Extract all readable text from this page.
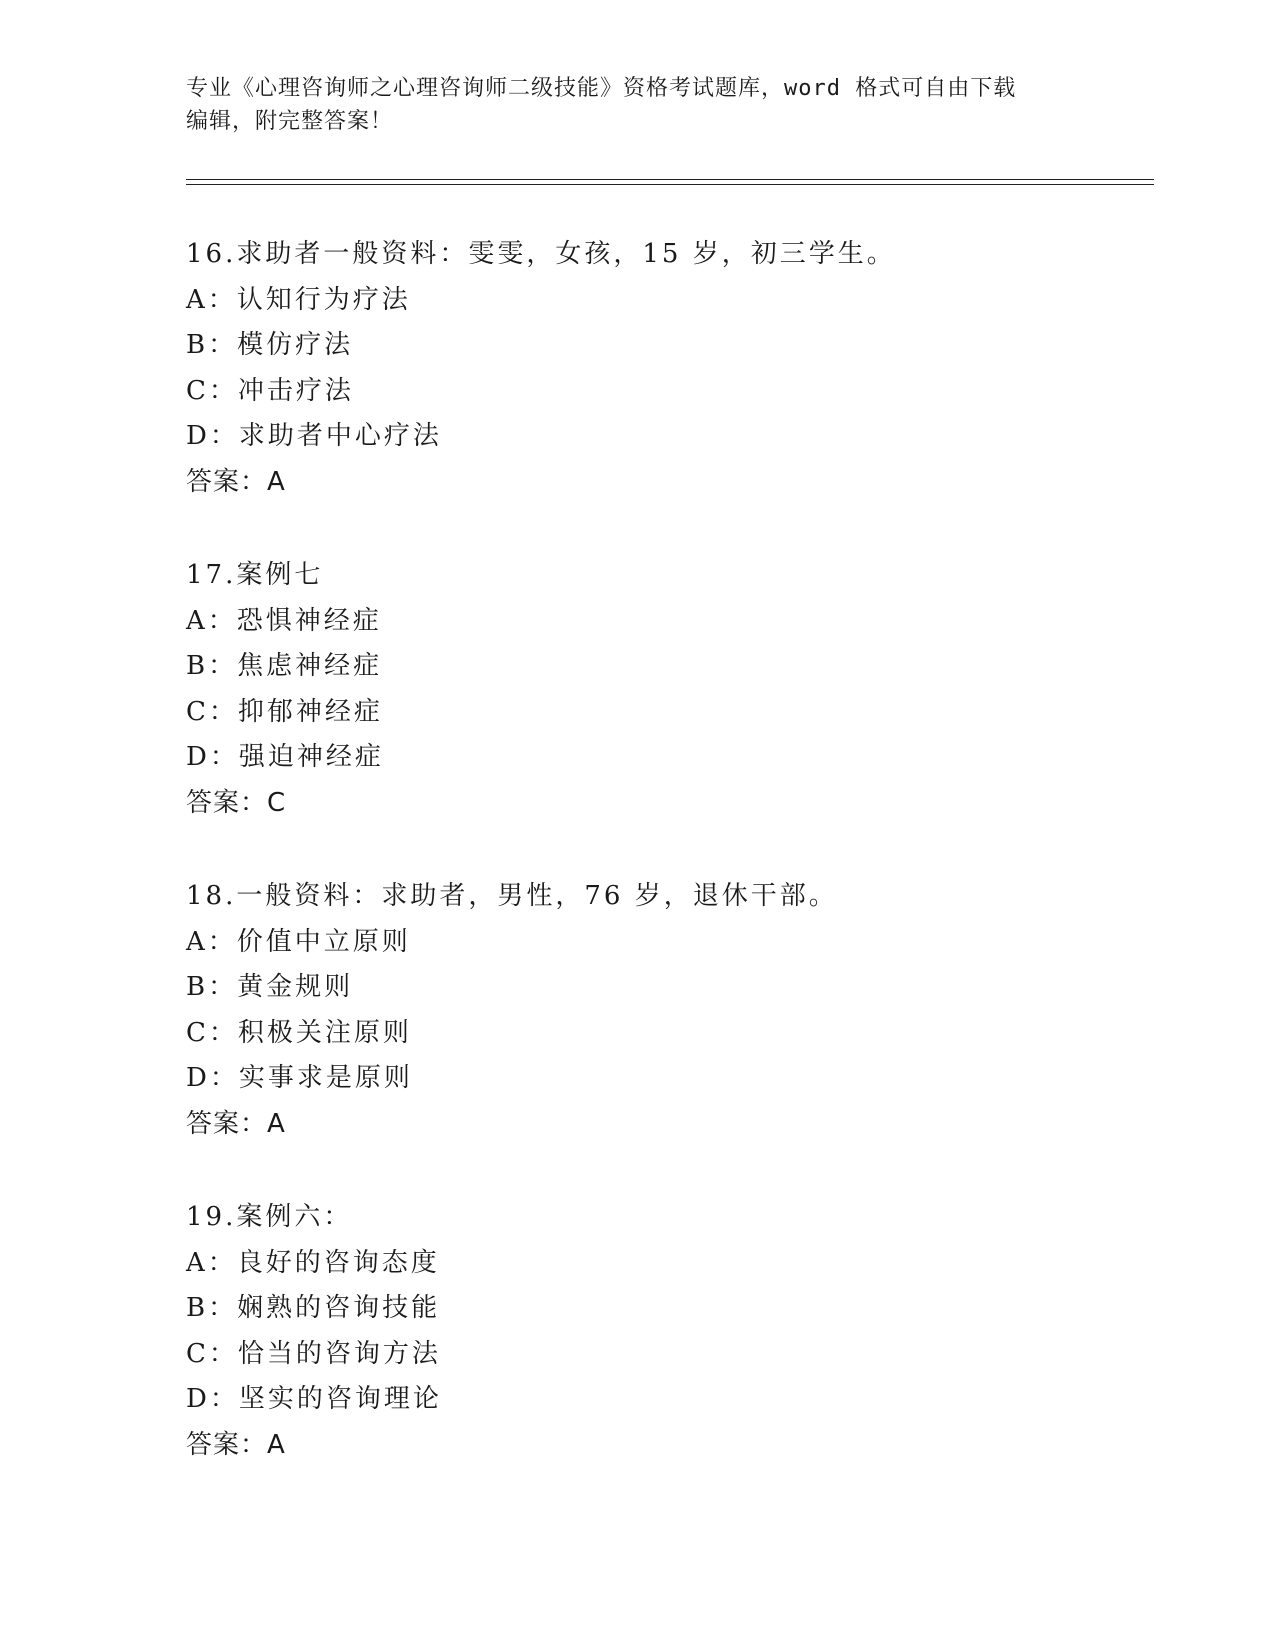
专业《心理咨询师之心理咨询师二级技能》资格考试题库，word 格式可自由下载
编辑，附完整答案！
16.求助者一般资料：雯雯，女孩，15 岁，初三学生。
A：认知行为疗法
B：模仿疗法
C：冲击疗法
D：求助者中心疗法
答案：A
17.案例七
A：恐惧神经症
B：焦虑神经症
C：抑郁神经症
D：强迫神经症
答案：C
18.一般资料：求助者，男性，76 岁，退休干部。
A：价值中立原则
B：黄金规则
C：积极关注原则
D：实事求是原则
答案：A
19.案例六：
A：良好的咨询态度
B：娴熟的咨询技能
C：恰当的咨询方法
D：坚实的咨询理论
答案：A
